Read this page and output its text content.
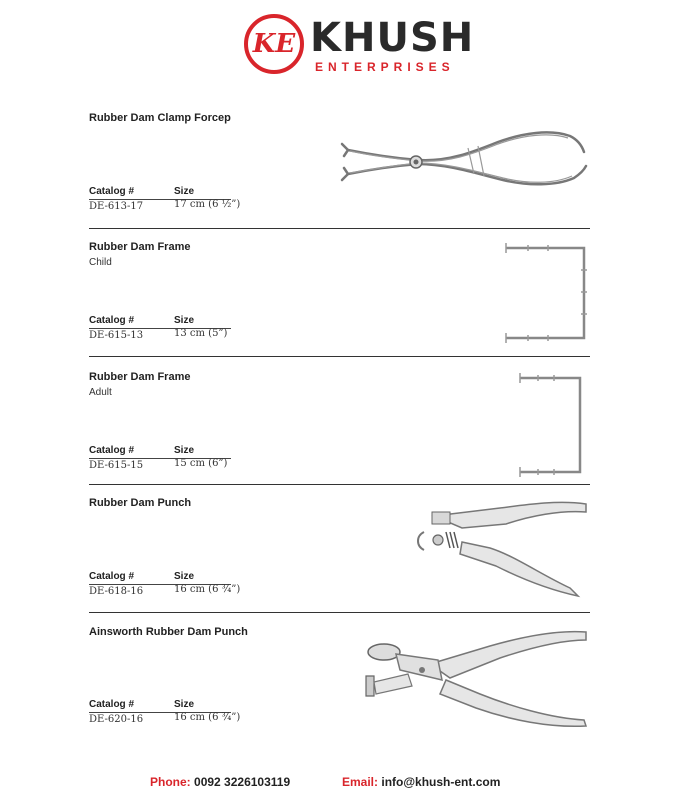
KE KHUSH
ENTERPRISES
Rubber Dam Clamp Forcep
Catalog #	Size
DE-613-17	17 cm (6 ½”)
Rubber Dam Frame
Child
Catalog #	Size
DE-615-13	13 cm (5”)
Rubber Dam Frame
Adult
Catalog #	Size
DE-615-15	15 cm (6”)
Rubber Dam Punch
Catalog #	Size
DE-618-16	16 cm (6 ¾”)
Ainsworth Rubber Dam Punch
Catalog #	Size
DE-620-16	16 cm (6 ¾”)
Phone: 0092 3226103119	Email: info@khush-ent.com
